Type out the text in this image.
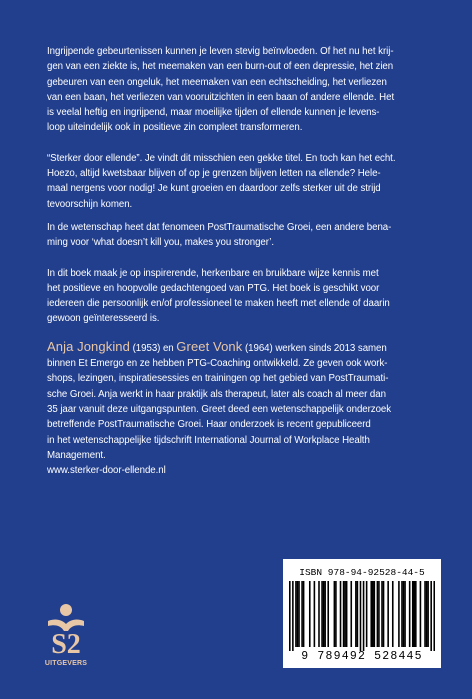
Ingrijpende gebeurtenissen kunnen je leven stevig beïnvloeden. Of het nu het krij-
gen van een ziekte is, het meemaken van een burn-out of een depressie, het zien
gebeuren van een ongeluk, het meemaken van een echtscheiding, het verliezen
van een baan, het verliezen van vooruitzichten in een baan of andere ellende. Het
is veelal heftig en ingrijpend, maar moeilijke tijden of ellende kunnen je levens-
loop uiteindelijk ook in positieve zin compleet transformeren.

“Sterker door ellende”. Je vindt dit misschien een gekke titel. En toch kan het echt.
Hoezo, altijd kwetsbaar blijven of op je grenzen blijven letten na ellende? Hele-
maal nergens voor nodig! Je kunt groeien en daardoor zelfs sterker uit de strijd
tevoorschijn komen.

In de wetenschap heet dat fenomeen PostTraumatische Groei, een andere bena-
ming voor ‘what doesn’t kill you, makes you stronger’.

In dit boek maak je op inspirerende, herkenbare en bruikbare wijze kennis met
het positieve en hoopvolle gedachtengoed van PTG. Het boek is geschikt voor
iedereen die persoonlijk en/of professioneel te maken heeft met ellende of daarin
gewoon geïnteresseerd is.

Anja Jongkind (1953) en Greet Vonk (1964) werken sinds 2013 samen
binnen Et Emergo en ze hebben PTG-Coaching ontwikkeld. Ze geven ook work-
shops, lezingen, inspiratiesessies en trainingen op het gebied van PostTraumati-
sche Groei. Anja werkt in haar praktijk als therapeut, later als coach al meer dan
35 jaar vanuit deze uitgangspunten. Greet deed een wetenschappelijk onderzoek
betreffende PostTraumatische Groei. Haar onderzoek is recent gepubliceerd
in het wetenschappelijke tijdschrift International Journal of Workplace Health
Management.

www.sterker-door-ellende.nl

S2
UITGEVERS
ISBN 978-94-92528-44-5
9 789492 528445
